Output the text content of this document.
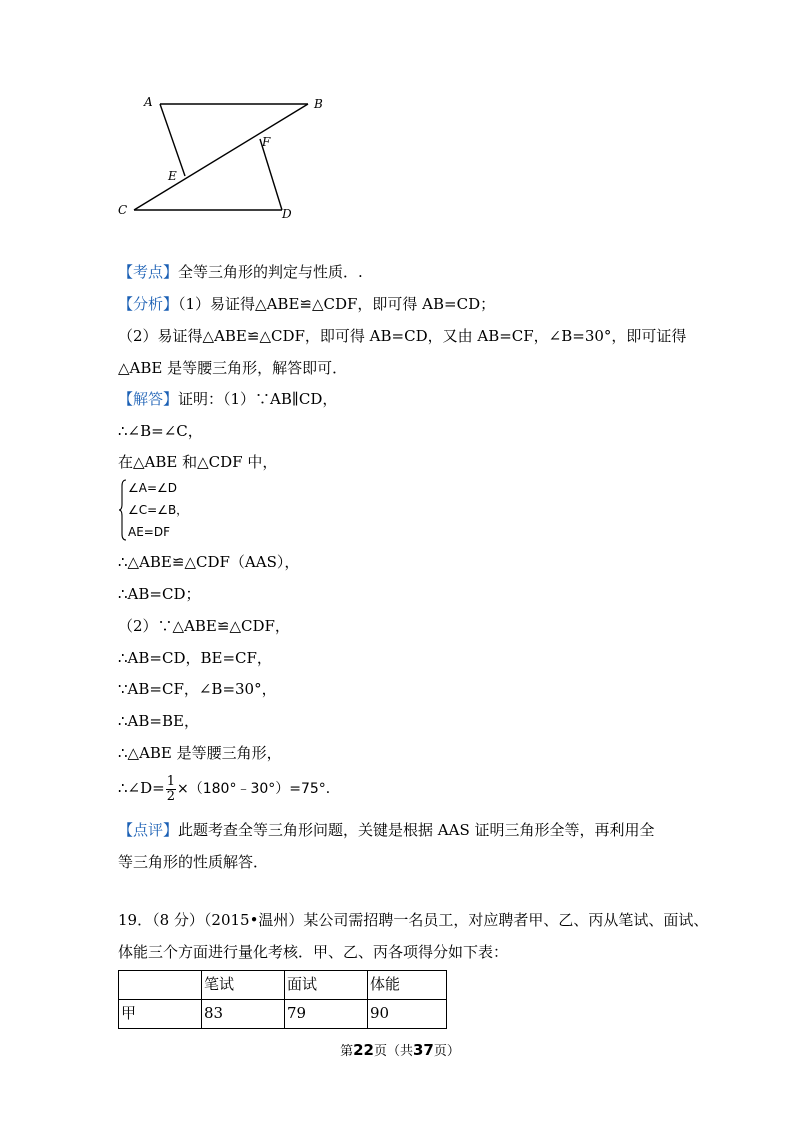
A	B
C	D
E
F
【考点】全等三角形的判定与性质．.
【分析】（1）易证得△ABE≌△CDF，即可得 AB=CD；
（2）易证得△ABE≌△CDF，即可得 AB=CD，又由 AB=CF，∠B=30°，即可证得
△ABE 是等腰三角形，解答即可．
【解答】证明：（1）∵AB∥CD，
∴∠B=∠C，
在△ABE 和△CDF 中，
∠A=∠D
∠C=∠B，
AE=DF
∴△ABE≌△CDF（AAS），
∴AB=CD；
（2）∵△ABE≌△CDF，
∴AB=CD，BE=CF，
∵AB=CF，∠B=30°，
∴AB=BE，
∴△ABE 是等腰三角形，
∴∠D= $\frac{1}{2}$ ×（180°﹣30°）=75°．
【点评】此题考查全等三角形问题，关键是根据 AAS 证明三角形全等，再利用全
等三角形的性质解答．
19．（8 分）（2015•温州）某公司需招聘一名员工，对应聘者甲、乙、丙从笔试、面试、
体能三个方面进行量化考核．甲、乙、丙各项得分如下表：
	笔试	面试	体能
甲	83	79	90
第22页（共37页）
